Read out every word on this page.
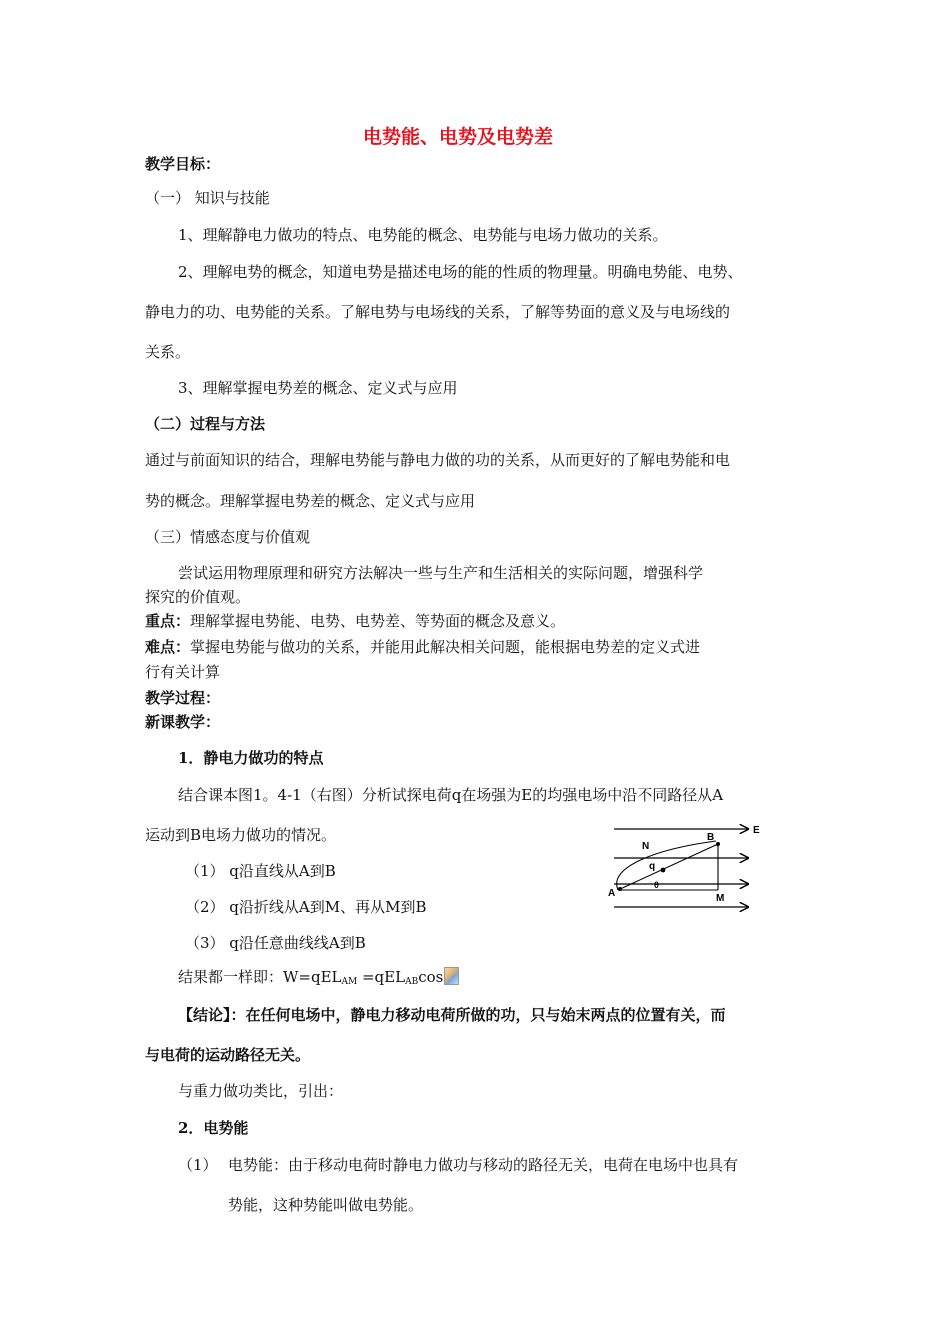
电势能、电势及电势差
教学目标：
（一） 知识与技能
1、理解静电力做功的特点、电势能的概念、电势能与电场力做功的关系。
2、理解电势的概念，知道电势是描述电场的能的性质的物理量。明确电势能、电势、
静电力的功、电势能的关系。了解电势与电场线的关系，了解等势面的意义及与电场线的
关系。
3、理解掌握电势差的概念、定义式与应用
（二）过程与方法
通过与前面知识的结合，理解电势能与静电力做的功的关系，从而更好的了解电势能和电
势的概念。理解掌握电势差的概念、定义式与应用
（三）情感态度与价值观
尝试运用物理原理和研究方法解决一些与生产和生活相关的实际问题，增强科学
探究的价值观。
重点：理解掌握电势能、电势、电势差、等势面的概念及意义。
难点：掌握电势能与做功的关系，并能用此解决相关问题，能根据电势差的定义式进
行有关计算
教学过程：
新课教学：
1．静电力做功的特点
结合课本图1。4-1（右图）分析试探电荷q在场强为E的均强电场中沿不同路径从A
运动到B电场力做功的情况。
（1） q沿直线从A到B
（2） q沿折线从A到M、再从M到B
（3） q沿任意曲线线A到B
结果都一样即：W=qEL$_{AM}$ =qEL$_{AB}$cos
【结论】：在任何电场中，静电力移动电荷所做的功，只与始末两点的位置有关，而
与电荷的运动路径无关。
与重力做功类比，引出：
2．电势能
（1） 电势能：由于移动电荷时静电力做功与移动的路径无关，电荷在电场中也具有
势能，这种势能叫做电势能。
E
N
B
q
θ
A	M
